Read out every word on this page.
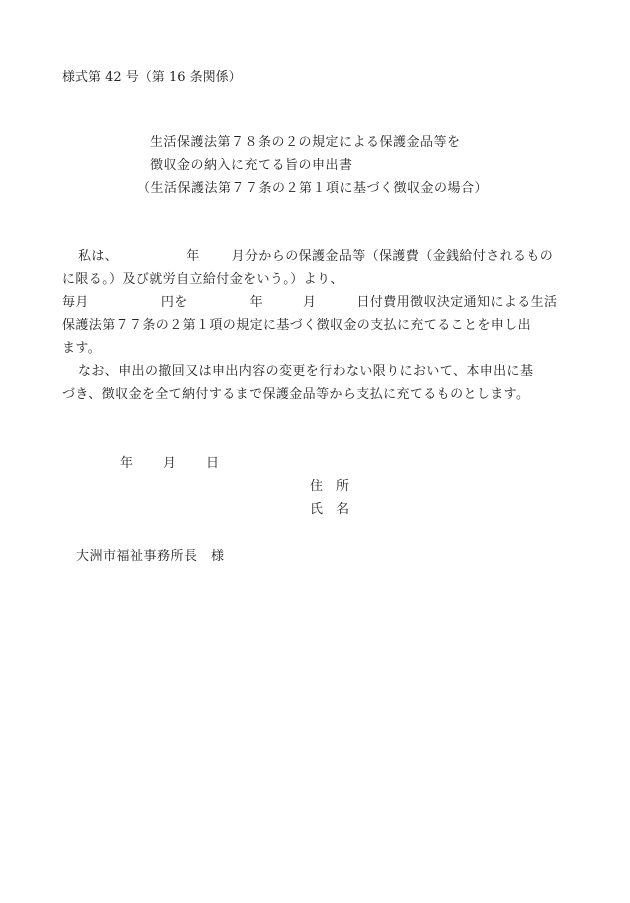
様式第 42 号（第 16 条関係）
生活保護法第７８条の２の規定による保護金品等を
徴収金の納入に充てる旨の申出書
（生活保護法第７７条の２第１項に基づく徴収金の場合）
私は、	年 月分からの保護金品等（保護費（金銭給付されるもの
に限る。）及び就労自立給付金をいう。）より、
毎月	円を	年	月	日付費用徴収決定通知による生活
保護法第７７条の２第１項の規定に基づく徴収金の支払に充てることを申し出
ます。
なお、申出の撤回又は申出内容の変更を行わない限りにおいて、本申出に基
づき、徴収金を全て納付するまで保護金品等から支払に充てるものとします。
年 月 日
住　所
氏　名
大洲市福祉事務所長　様
